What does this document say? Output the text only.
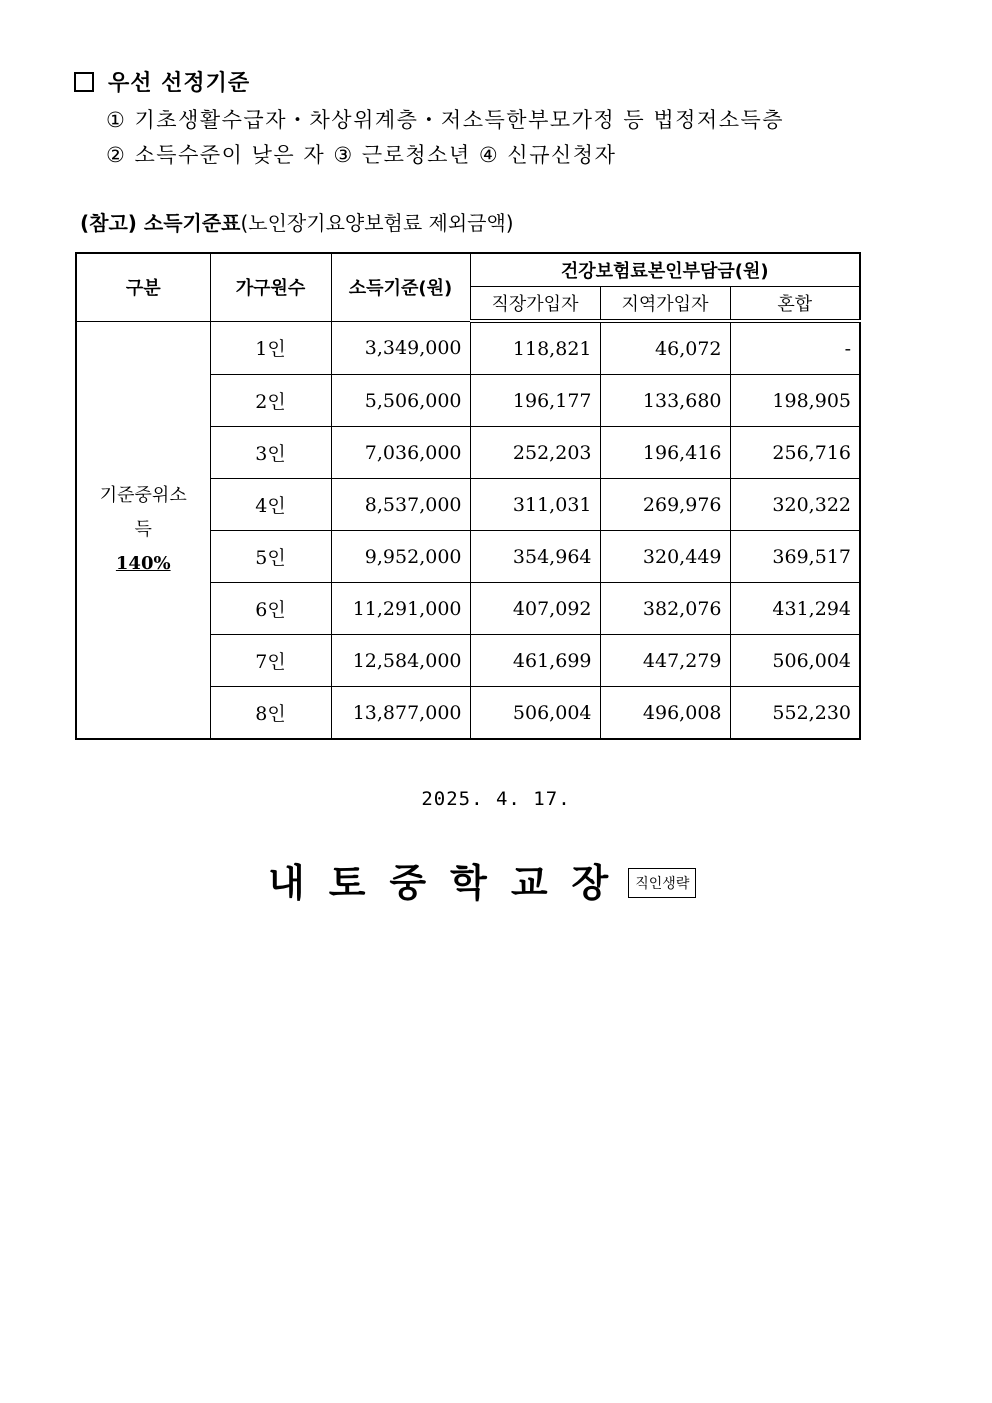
우선 선정기준
① 기초생활수급자・차상위계층・저소득한부모가정 등 법정저소득층
② 소득수준이 낮은 자 ③ 근로청소년 ④ 신규신청자
(참고) 소득기준표(노인장기요양보험료 제외금액)
구분	가구원수	소득기준(원)	건강보험료본인부담금(원)		
			직장가입자	지역가입자	혼합

기준중위소
득
140%	1인	3,349,000	118,821	46,072	-
	2인	5,506,000	196,177	133,680	198,905
	3인	7,036,000	252,203	196,416	256,716
	4인	8,537,000	311,031	269,976	320,322
	5인	9,952,000	354,964	320,449	369,517
	6인	11,291,000	407,092	382,076	431,294
	7인	12,584,000	461,699	447,279	506,004
	8인	13,877,000	506,004	496,008	552,230
2025. 4. 17.
내토중학교장 직인생략
